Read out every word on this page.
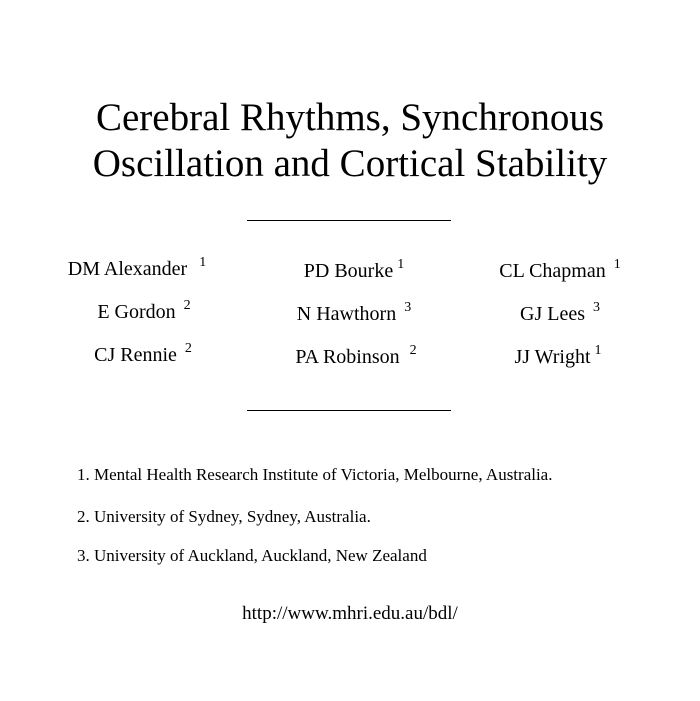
Cerebral Rhythms, Synchronous
Oscillation and Cortical Stability
DM Alexander $^1$	PD Bourke $^1$	CL Chapman $^1$
E Gordon $^2$	N Hawthorn $^3$	GJ Lees $^3$
CJ Rennie $^2$	PA Robinson $^2$	JJ Wright $^1$
1. Mental Health Research Institute of Victoria, Melbourne, Australia.
2. University of Sydney, Sydney, Australia.
3. University of Auckland, Auckland, New Zealand
http://www.mhri.edu.au/bdl/
